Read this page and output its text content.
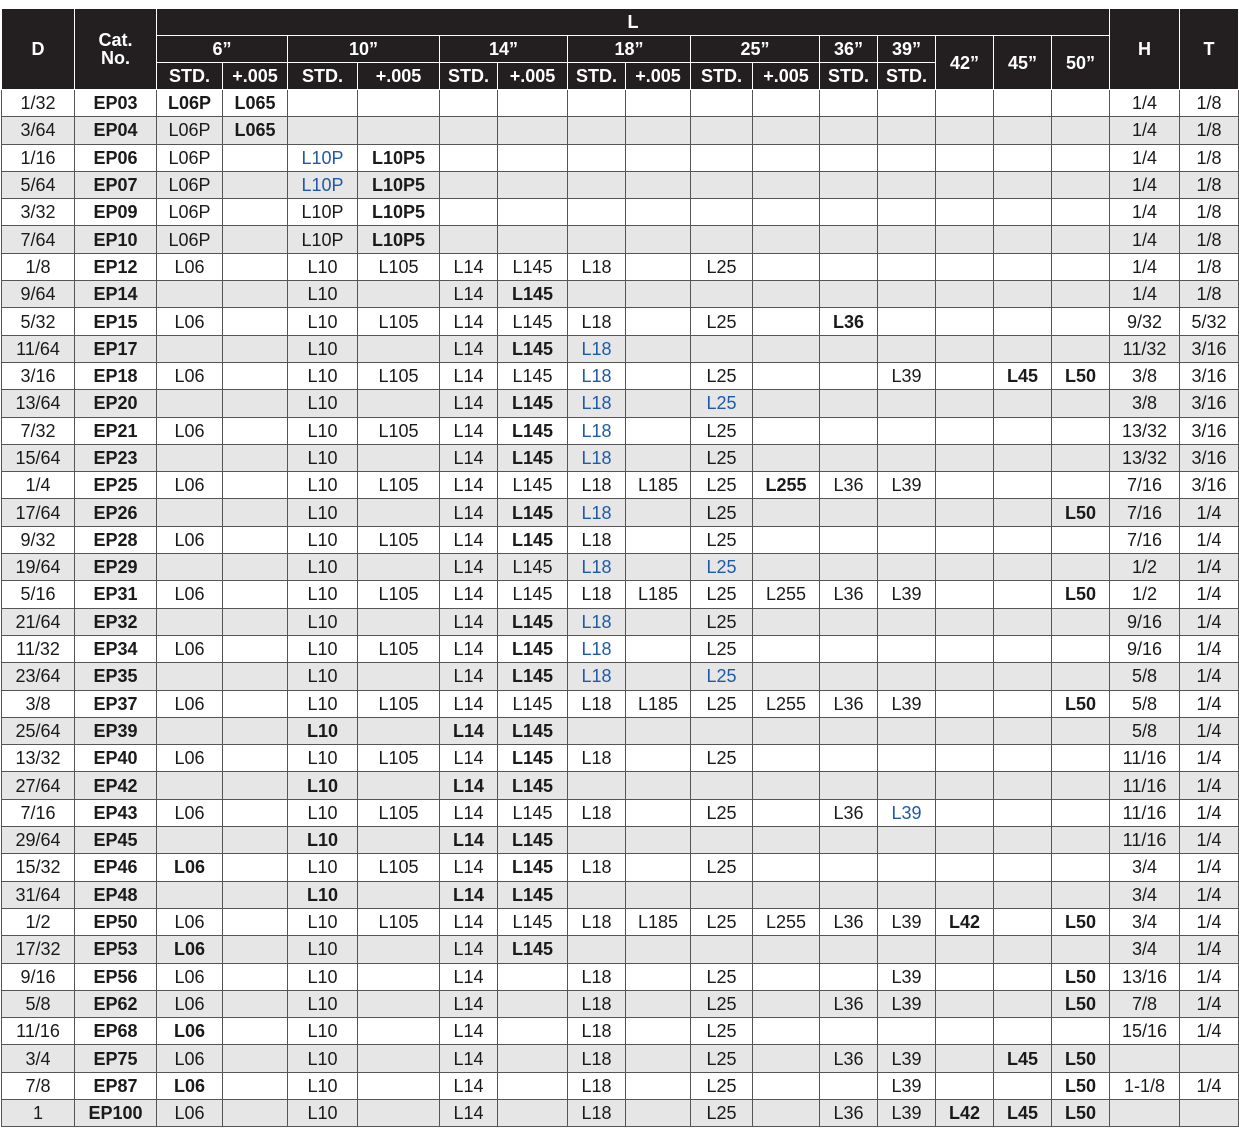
D	Cat.
No.	L															H	T
		6”		10”		14”		18”		25”		36”	39”	42”	45”	50”		
		STD.	+.005	STD.	+.005	STD.	+.005	STD.	+.005	STD.	+.005	STD.	STD.					
1/32	EP03	L06P	L065														1/4	1/8
3/64	EP04	L06P	L065														1/4	1/8
1/16	EP06	L06P		L10P	L10P5												1/4	1/8
5/64	EP07	L06P		L10P	L10P5												1/4	1/8
3/32	EP09	L06P		L10P	L10P5												1/4	1/8
7/64	EP10	L06P		L10P	L10P5												1/4	1/8
1/8	EP12	L06		L10	L105	L14	L145	L18		L25							1/4	1/8
9/64	EP14			L10		L14	L145										1/4	1/8
5/32	EP15	L06		L10	L105	L14	L145	L18		L25		L36					9/32	5/32
11/64	EP17			L10		L14	L145	L18									11/32	3/16
3/16	EP18	L06		L10	L105	L14	L145	L18		L25			L39		L45	L50	3/8	3/16
13/64	EP20			L10		L14	L145	L18		L25							3/8	3/16
7/32	EP21	L06		L10	L105	L14	L145	L18		L25							13/32	3/16
15/64	EP23			L10		L14	L145	L18		L25							13/32	3/16
1/4	EP25	L06		L10	L105	L14	L145	L18	L185	L25	L255	L36	L39				7/16	3/16
17/64	EP26			L10		L14	L145	L18		L25						L50	7/16	1/4
9/32	EP28	L06		L10	L105	L14	L145	L18		L25							7/16	1/4
19/64	EP29			L10		L14	L145	L18		L25							1/2	1/4
5/16	EP31	L06		L10	L105	L14	L145	L18	L185	L25	L255	L36	L39			L50	1/2	1/4
21/64	EP32			L10		L14	L145	L18		L25							9/16	1/4
11/32	EP34	L06		L10	L105	L14	L145	L18		L25							9/16	1/4
23/64	EP35			L10		L14	L145	L18		L25							5/8	1/4
3/8	EP37	L06		L10	L105	L14	L145	L18	L185	L25	L255	L36	L39			L50	5/8	1/4
25/64	EP39			L10		L14	L145										5/8	1/4
13/32	EP40	L06		L10	L105	L14	L145	L18		L25							11/16	1/4
27/64	EP42			L10		L14	L145										11/16	1/4
7/16	EP43	L06		L10	L105	L14	L145	L18		L25		L36	L39				11/16	1/4
29/64	EP45			L10		L14	L145										11/16	1/4
15/32	EP46	L06		L10	L105	L14	L145	L18		L25							3/4	1/4
31/64	EP48			L10		L14	L145										3/4	1/4
1/2	EP50	L06		L10	L105	L14	L145	L18	L185	L25	L255	L36	L39	L42		L50	3/4	1/4
17/32	EP53	L06		L10		L14	L145										3/4	1/4
9/16	EP56	L06		L10		L14		L18		L25			L39			L50	13/16	1/4
5/8	EP62	L06		L10		L14		L18		L25		L36	L39			L50	7/8	1/4
11/16	EP68	L06		L10		L14		L18		L25							15/16	1/4
3/4	EP75	L06		L10		L14		L18		L25		L36	L39		L45	L50		
7/8	EP87	L06		L10		L14		L18		L25			L39			L50	1-1/8	1/4
1	EP100	L06		L10		L14		L18		L25		L36	L39	L42	L45	L50		
